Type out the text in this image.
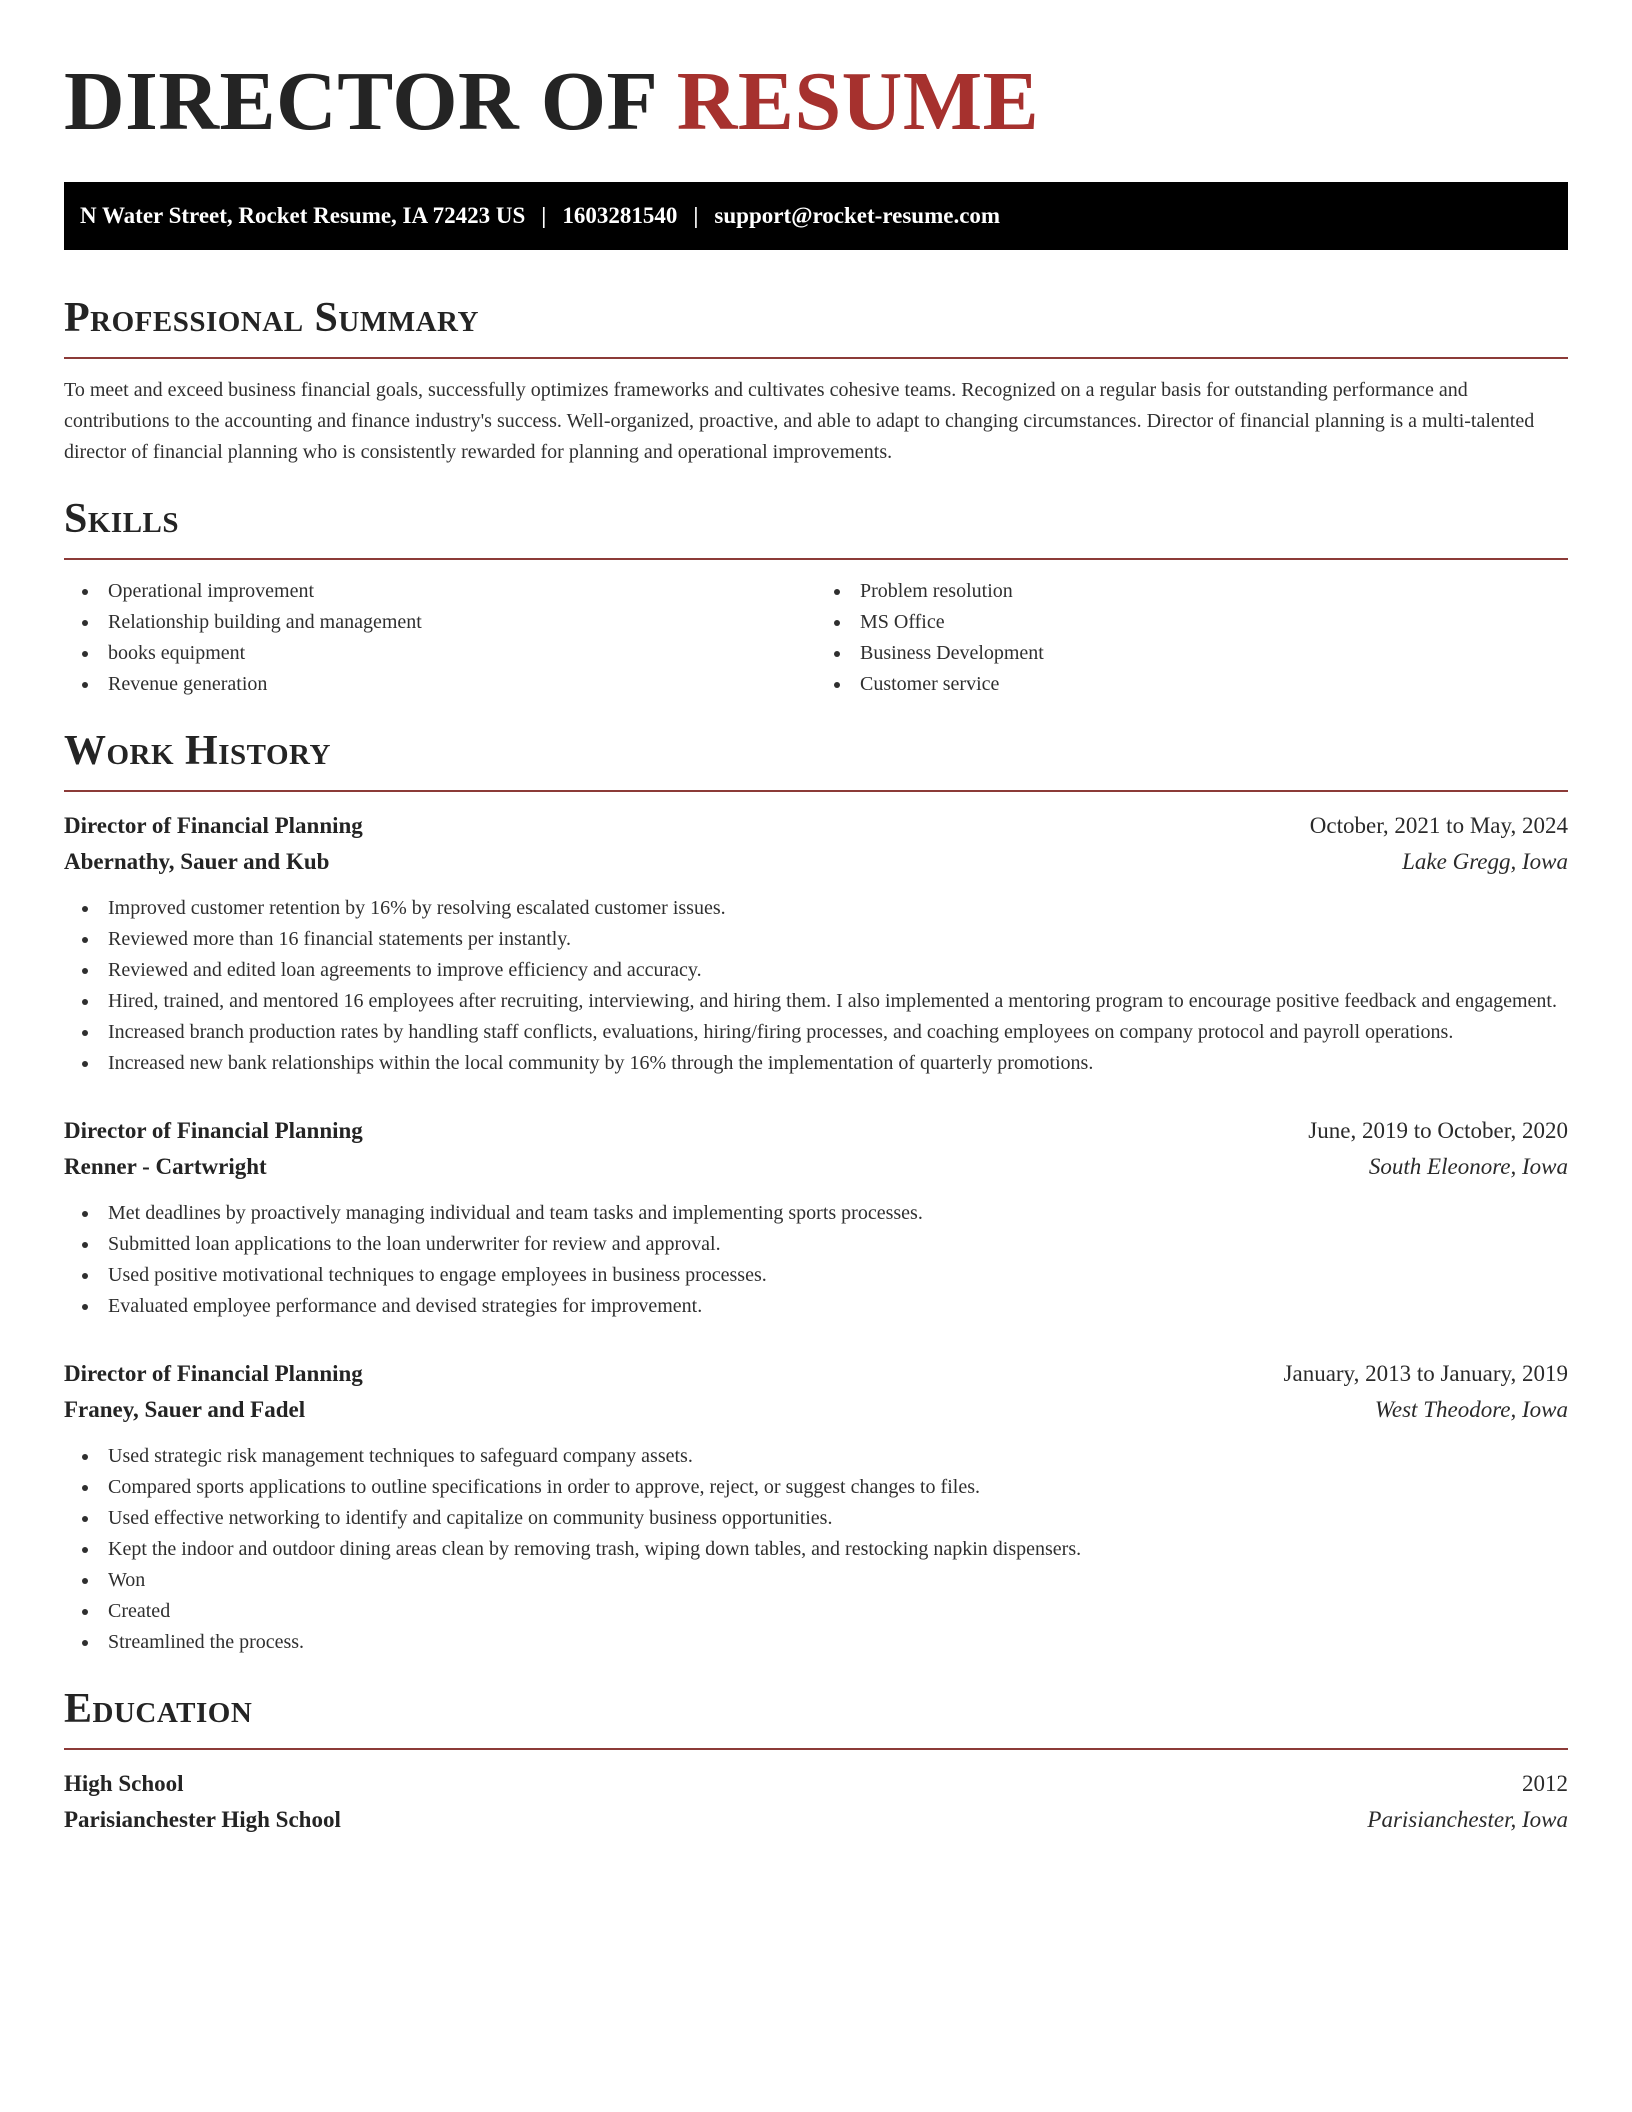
DIRECTOR OF RESUME
N Water Street, Rocket Resume, IA 72423 US | 1603281540 | support@rocket-resume.com
Professional Summary

To meet and exceed business financial goals, successfully optimizes frameworks and cultivates cohesive teams. Recognized on a regular basis for outstanding performance and contributions to the accounting and finance industry's success. Well-organized, proactive, and able to adapt to changing circumstances. Director of financial planning is a multi-talented director of financial planning who is consistently rewarded for planning and operational improvements.

Skills
Operational improvement
Relationship building and management
books equipment
Revenue generation
Problem resolution
MS Office
Business Development
Customer service
Work History
Director of Financial Planning	October, 2021 to May, 2024
Abernathy, Sauer and Kub	Lake Gregg, Iowa
Improved customer retention by 16% by resolving escalated customer issues.
Reviewed more than 16 financial statements per instantly.
Reviewed and edited loan agreements to improve efficiency and accuracy.
Hired, trained, and mentored 16 employees after recruiting, interviewing, and hiring them. I also implemented a mentoring program to encourage positive feedback and engagement.
Increased branch production rates by handling staff conflicts, evaluations, hiring/firing processes, and coaching employees on company protocol and payroll operations.
Increased new bank relationships within the local community by 16% through the implementation of quarterly promotions.
Director of Financial Planning	June, 2019 to October, 2020
Renner - Cartwright	South Eleonore, Iowa
Met deadlines by proactively managing individual and team tasks and implementing sports processes.
Submitted loan applications to the loan underwriter for review and approval.
Used positive motivational techniques to engage employees in business processes.
Evaluated employee performance and devised strategies for improvement.
Director of Financial Planning	January, 2013 to January, 2019
Franey, Sauer and Fadel	West Theodore, Iowa
Used strategic risk management techniques to safeguard company assets.
Compared sports applications to outline specifications in order to approve, reject, or suggest changes to files.
Used effective networking to identify and capitalize on community business opportunities.
Kept the indoor and outdoor dining areas clean by removing trash, wiping down tables, and restocking napkin dispensers.
Won
Created
Streamlined the process.
Education
High School	2012
Parisianchester High School	Parisianchester, Iowa
